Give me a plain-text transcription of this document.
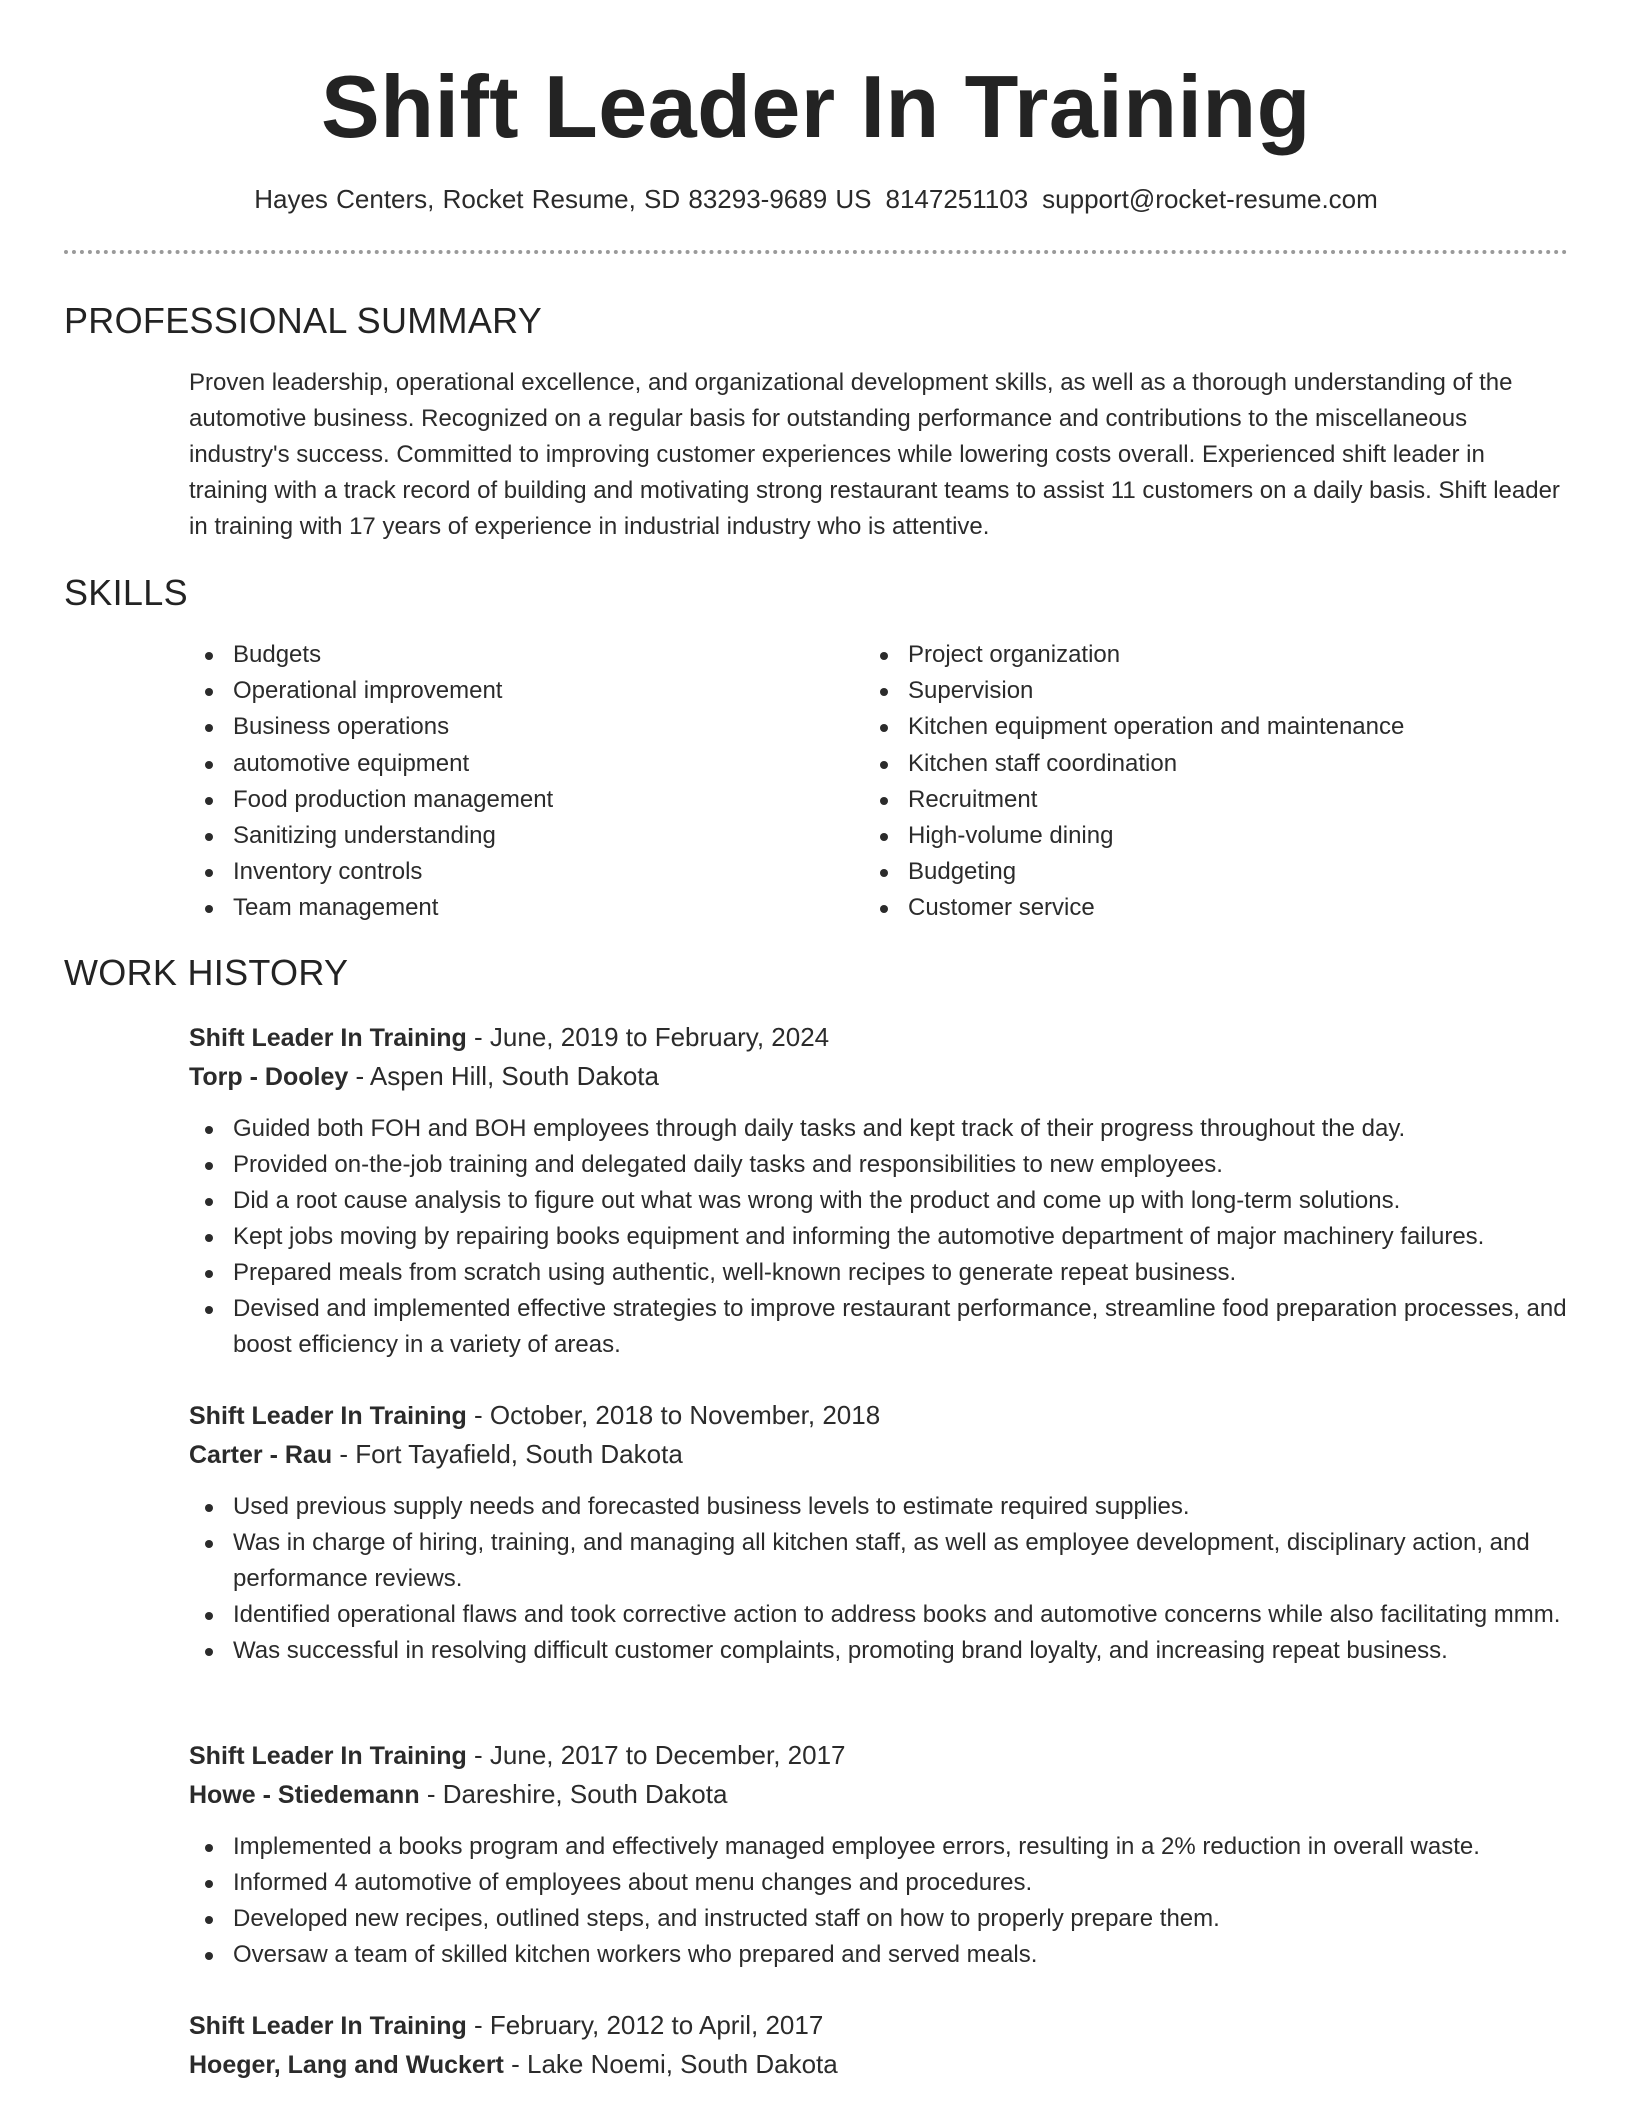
Shift Leader In Training
Hayes Centers, Rocket Resume, SD 83293-9689 US 8147251103 support@rocket-resume.com
PROFESSIONAL SUMMARY
Proven leadership, operational excellence, and organizational development skills, as well as a thorough understanding of the automotive business. Recognized on a regular basis for outstanding performance and contributions to the miscellaneous industry's success. Committed to improving customer experiences while lowering costs overall. Experienced shift leader in training with a track record of building and motivating strong restaurant teams to assist 11 customers on a daily basis. Shift leader in training with 17 years of experience in industrial industry who is attentive.
SKILLS
Budgets
Operational improvement
Business operations
automotive equipment
Food production management
Sanitizing understanding
Inventory controls
Team management
Project organization
Supervision
Kitchen equipment operation and maintenance
Kitchen staff coordination
Recruitment
High-volume dining
Budgeting
Customer service
WORK HISTORY
Shift Leader In Training - June, 2019 to February, 2024
Torp - Dooley - Aspen Hill, South Dakota
Guided both FOH and BOH employees through daily tasks and kept track of their progress throughout the day.
Provided on-the-job training and delegated daily tasks and responsibilities to new employees.
Did a root cause analysis to figure out what was wrong with the product and come up with long-term solutions.
Kept jobs moving by repairing books equipment and informing the automotive department of major machinery failures.
Prepared meals from scratch using authentic, well-known recipes to generate repeat business.
Devised and implemented effective strategies to improve restaurant performance, streamline food preparation processes, and boost efficiency in a variety of areas.
Shift Leader In Training - October, 2018 to November, 2018
Carter - Rau - Fort Tayafield, South Dakota
Used previous supply needs and forecasted business levels to estimate required supplies.
Was in charge of hiring, training, and managing all kitchen staff, as well as employee development, disciplinary action, and performance reviews.
Identified operational flaws and took corrective action to address books and automotive concerns while also facilitating mmm.
Was successful in resolving difficult customer complaints, promoting brand loyalty, and increasing repeat business.
Shift Leader In Training - June, 2017 to December, 2017
Howe - Stiedemann - Dareshire, South Dakota
Implemented a books program and effectively managed employee errors, resulting in a 2% reduction in overall waste.
Informed 4 automotive of employees about menu changes and procedures.
Developed new recipes, outlined steps, and instructed staff on how to properly prepare them.
Oversaw a team of skilled kitchen workers who prepared and served meals.
Shift Leader In Training - February, 2012 to April, 2017
Hoeger, Lang and Wuckert - Lake Noemi, South Dakota
